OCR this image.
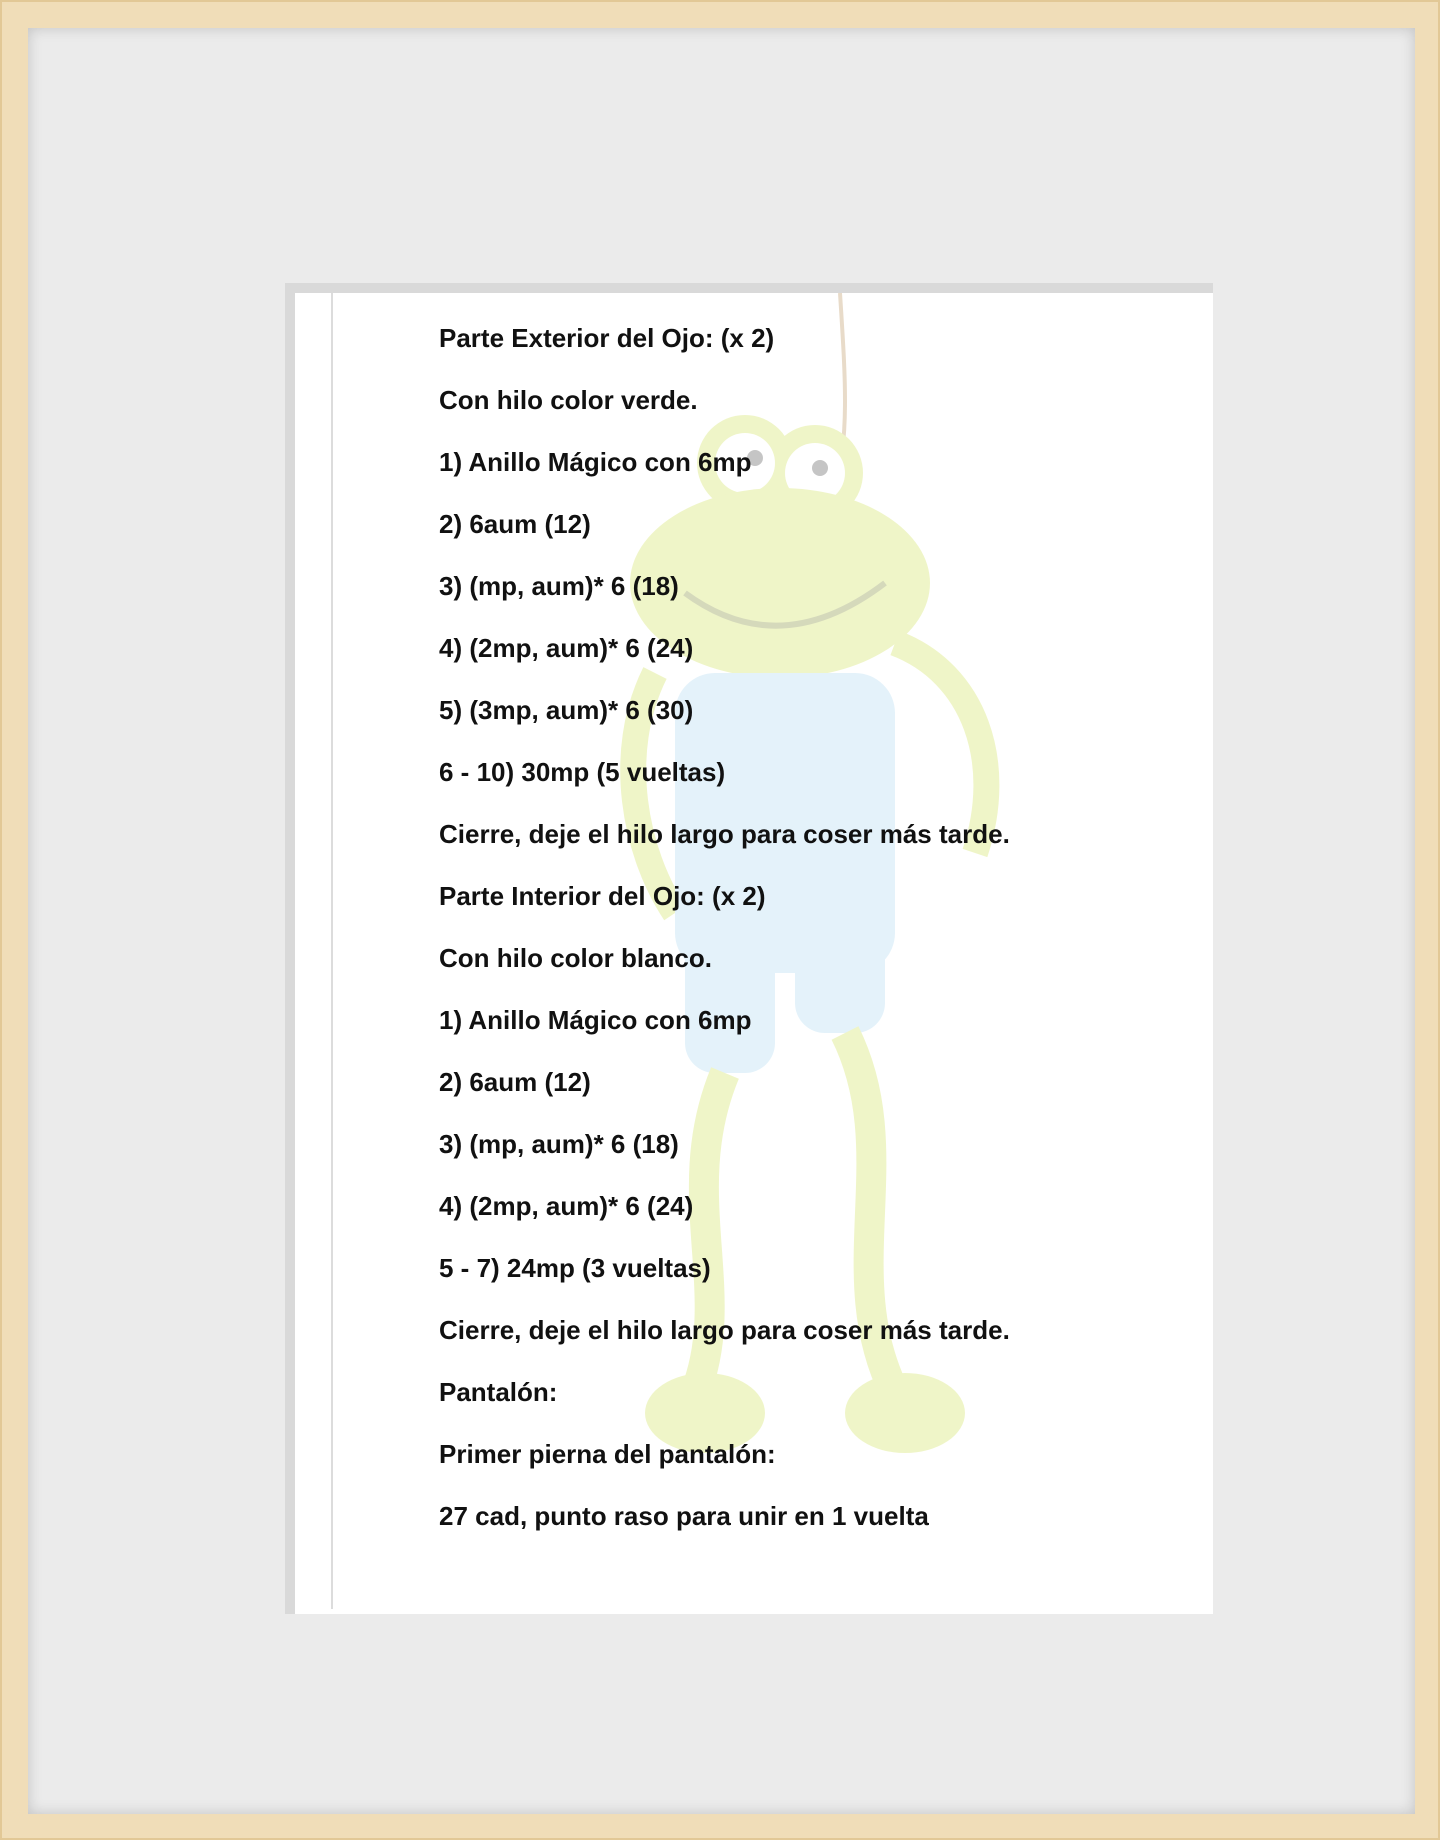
Parte Exterior del Ojo: (x 2)
Con hilo color verde.
1) Anillo Mágico con 6mp
2) 6aum (12)
3) (mp, aum)* 6 (18)
4) (2mp, aum)* 6 (24)
5) (3mp, aum)* 6 (30)
6 - 10) 30mp (5 vueltas)
Cierre, deje el hilo largo para coser más tarde.
Parte Interior del Ojo: (x 2)
Con hilo color blanco.
1) Anillo Mágico con 6mp
2) 6aum (12)
3) (mp, aum)* 6 (18)
4) (2mp, aum)* 6 (24)
5 - 7) 24mp (3 vueltas)
Cierre, deje el hilo largo para coser más tarde.
Pantalón:
Primer pierna del pantalón:
27 cad, punto raso para unir en 1 vuelta
